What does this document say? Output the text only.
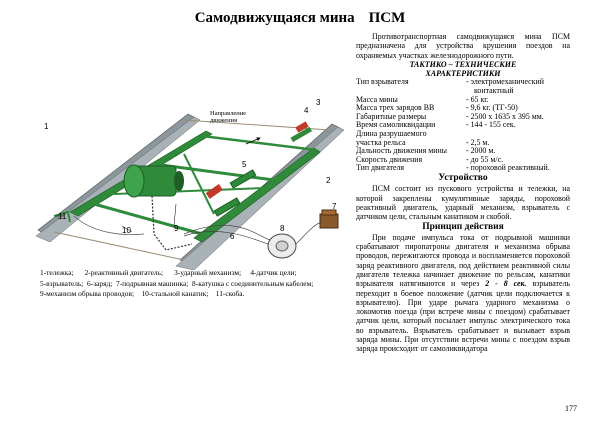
Самодвижущаяся мина ПСМ
Направление
движения
1
2
3
4
5
6
7
8
9
10
11
1-тележка; 2-реактивный двигатель; 3-ударный механизм; 4-датчик цели;
5-взрыватель; 6-заряд; 7-подрывная машинка; 8-катушка с соединительным кабелем;
9-механизм обрыва проводов; 10-стальной канатик; 11-скоба.

Противотранспортная самодвижущаяся мина ПСМ предназначена для устройства крушения поездов на охраняемых участках железнодорожного пути.

ТАКТИКО – ТЕХНИЧЕСКИЕ

ХАРАКТЕРИСТИКИ

Тип взрывателя	- электромеханический
	контактный
Масса мины	- 65 кг.
Масса трех зарядов ВВ	- 9,6 кг. (ТГ-50)
Габаритные размеры	- 2500 х 1635 х 395 мм.
Время самоликвидации	- 144 - 155 сек.
Длина разрушаемого	
участка рельса	- 2,5 м.
Дальность движения мины	- 2000 м.
Скорость движения	- до 55 м/с.
Тип двигателя	- пороховой реактивный.
Устройство

ПСМ состоит из пускового устройства и тележки, на которой закреплены кумулятивные заряды, пороховой реактивный двигатель, ударный механизм, взрыватель с датчиком цели, стальным канатиком и скобой.

Принцип действия

При подаче импульса тока от подрывной машинки срабатывают пиропатроны двигателя и механизма обрыва проводов, пережигаются провода и воспламеняется пороховой заряд реактивного двигателя, под действием реактивной силы двигателя тележка начинает движение по рельсам, канатики взрывателя натягиваются и через 2 - 8 сек. взрыватель переходит в боевое положение (датчик цели подключается к взрывателю). При ударе рычага ударного механизма о локомотив поезда (при встрече мины с поездом) срабатывает датчик цели, который посылает импульс электрического тока во взрыватель. Взрыватель срабатывает и вызывает взрыв заряда мины. При отсутствии встречи мины с поездом взрыв заряда происходит от самоликвидатора

177
